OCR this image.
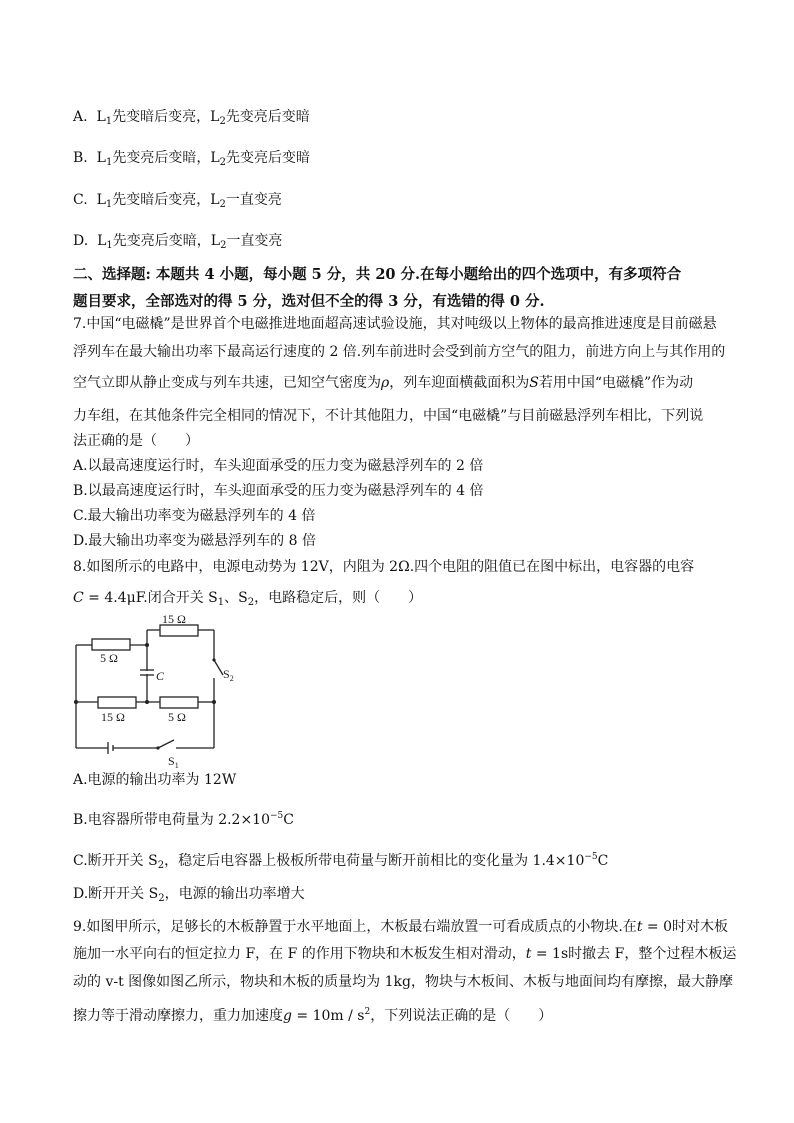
A. $L_1$先变暗后变亮，$L_2$先变亮后变暗
B. $L_1$先变亮后变暗，$L_2$先变亮后变暗
C. $L_1$先变暗后变亮，$L_2$一直变亮
D. $L_1$先变亮后变暗，$L_2$一直变亮
二、选择题: 本题共 4 小题，每小题 5 分，共 20 分.在每小题给出的四个选项中，有多项符合
题目要求，全部选对的得 5 分，选对但不全的得 3 分，有选错的得 0 分.
7.中国“电磁橇”是世界首个电磁推进地面超高速试验设施，其对吨级以上物体的最高推进速度是目前磁悬
浮列车在最大输出功率下最高运行速度的 2 倍.列车前进时会受到前方空气的阻力，前进方向上与其作用的
空气立即从静止变成与列车共速，已知空气密度为ρ，列车迎面横截面积为S若用中国“电磁橇”作为动
力车组，在其他条件完全相同的情况下，不计其他阻力，中国“电磁橇”与目前磁悬浮列车相比，下列说
法正确的是（　　）
A.以最高速度运行时，车头迎面承受的压力变为磁悬浮列车的 2 倍
B.以最高速度运行时，车头迎面承受的压力变为磁悬浮列车的 4 倍
C.最大输出功率变为磁悬浮列车的 4 倍
D.最大输出功率变为磁悬浮列车的 8 倍
8.如图所示的电路中，电源电动势为 12V，内阻为 2Ω.四个电阻的阻值已在图中标出，电容器的电容
C = 4.4μF.闭合开关 $S_1$、$S_2$，电路稳定后，则（　　）
15 Ω
5 Ω
15 Ω	5 Ω
C	$S_2$
$S_1$
A.电源的输出功率为 12W
B.电容器所带电荷量为 $2.2\times 10^{-5}C$
C.断开开关 $S_2$，稳定后电容器上极板所带电荷量与断开前相比的变化量为 $1.4\times 10^{-5}C$
D.断开开关 $S_2$，电源的输出功率增大
9.如图甲所示，足够长的木板静置于水平地面上，木板最右端放置一可看成质点的小物块.在t = 0时对木板
施加一水平向右的恒定拉力 F，在 F 的作用下物块和木板发生相对滑动，t = 1s时撤去 F，整个过程木板运
动的 v-t 图像如图乙所示，物块和木板的质量均为 1kg，物块与木板间、木板与地面间均有摩擦，最大静摩
擦力等于滑动摩擦力，重力加速度$g = 10m / s^2$，下列说法正确的是（　　）
